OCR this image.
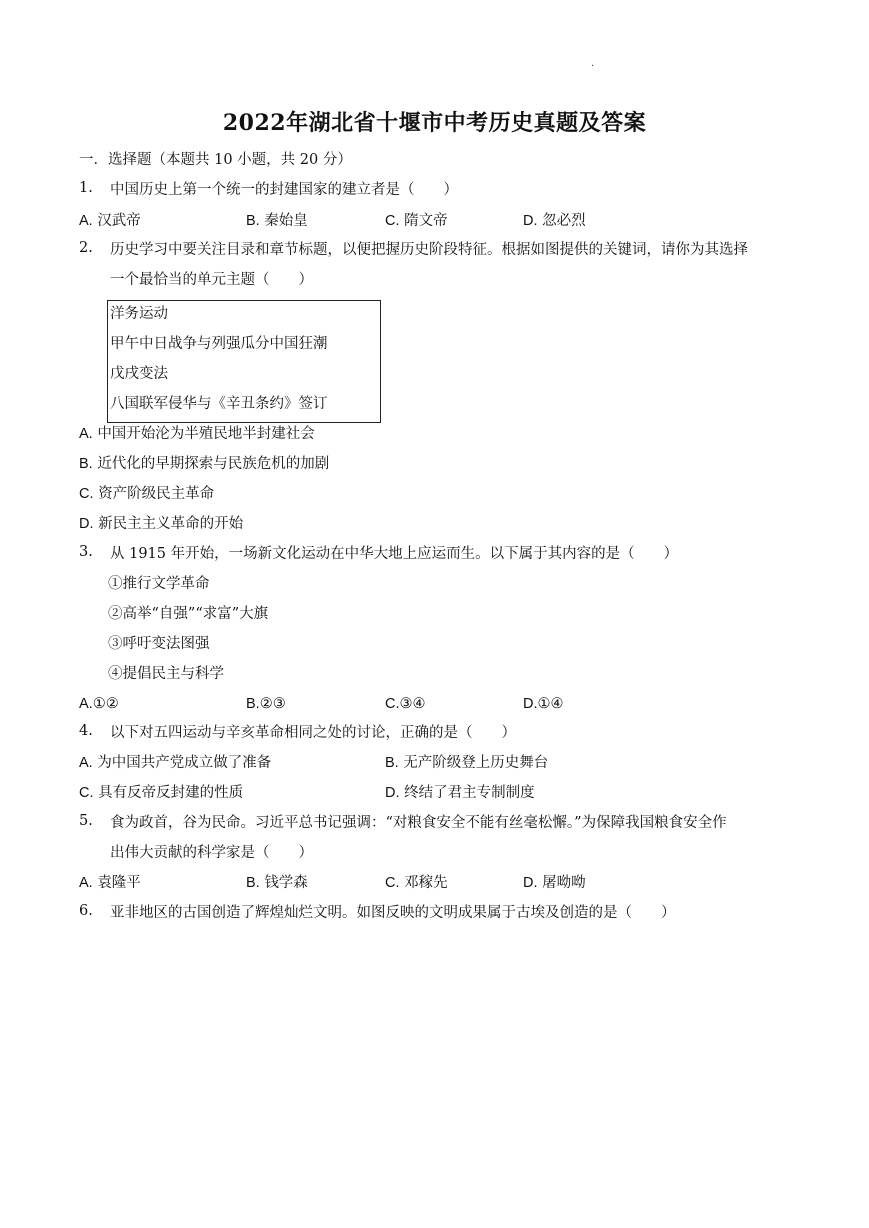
.
2022年湖北省十堰市中考历史真题及答案
一．选择题（本题共 10 小题，共 20 分）
1. 中国历史上第一个统一的封建国家的建立者是（　　）
A. 汉武帝	B. 秦始皇	C. 隋文帝	D. 忽必烈
2. 历史学习中要关注目录和章节标题，以便把握历史阶段特征。根据如图提供的关键词，请你为其选择
一个最恰当的单元主题（　　）
洋务运动
甲午中日战争与列强瓜分中国狂潮
戊戌变法
八国联军侵华与《辛丑条约》签订
A. 中国开始沦为半殖民地半封建社会
B. 近代化的早期探索与民族危机的加剧
C. 资产阶级民主革命
D. 新民主主义革命的开始
3. 从 1915 年开始，一场新文化运动在中华大地上应运而生。以下属于其内容的是（　　）
①推行文学革命
②高举“自强”“求富”大旗
③呼吁变法图强
④提倡民主与科学
A.①②	B.②③	C.③④	D.①④
4. 以下对五四运动与辛亥革命相同之处的讨论，正确的是（　　）
A. 为中国共产党成立做了准备	B. 无产阶级登上历史舞台
C. 具有反帝反封建的性质	D. 终结了君主专制制度
5. 食为政首，谷为民命。习近平总书记强调：“对粮食安全不能有丝毫松懈。”为保障我国粮食安全作
出伟大贡献的科学家是（　　）
A. 袁隆平	B. 钱学森	C. 邓稼先	D. 屠呦呦
6. 亚非地区的古国创造了辉煌灿烂文明。如图反映的文明成果属于古埃及创造的是（　　）
